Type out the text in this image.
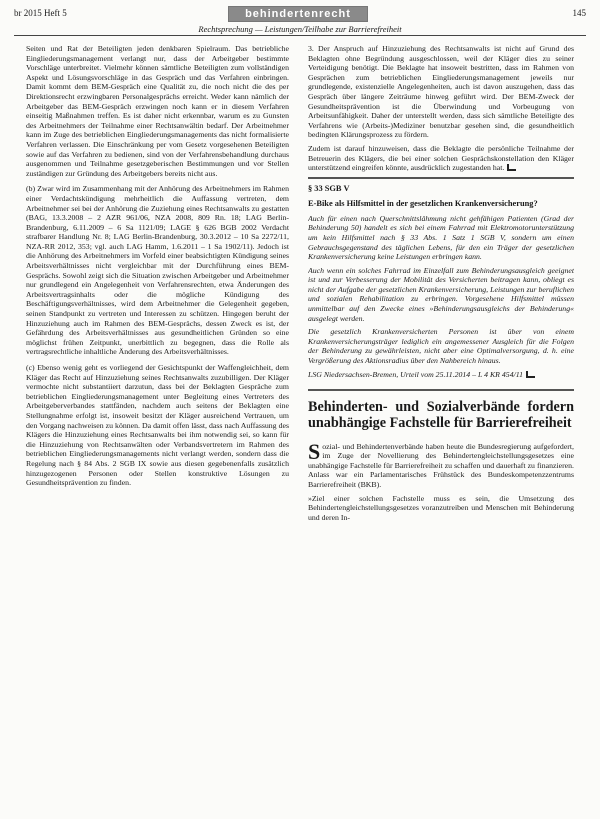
br 2015 Heft 5	behindertenrecht	145
Rechtsprechung — Leistungen/Teilhabe zur Barrierefreiheit

Seiten und Rat der Beteiligten jeden denkbaren Spielraum. Das betriebliche Eingliederungsmanagement verlangt nur, dass der Arbeitgeber bestimmte Vorschläge unterbreitet. Vielmehr können sämtliche Beteiligten zum vollständigen Aspekt und Lösungsvorschläge in das Gespräch und das Verfahren einbringen. Damit kommt dem BEM-Gespräch eine Qualität zu, die noch nicht die des per Direktionsrecht erzwingbaren Personalgesprächs erreicht. Weder kann nämlich der Arbeitgeber das BEM-Gespräch erzwingen noch kann er in diesem Verfahren einseitig Maßnahmen treffen. Es ist daher nicht erkennbar, warum es zu Gunsten des Arbeitnehmers der Teilnahme einer Rechtsanwältin bedarf. Der Arbeitnehmer kann im Zuge des betrieblichen Eingliederungsmanagements das nicht formalisierte Verfahren verlassen. Die Einschränkung per vom Gesetz vorgesehenen Beteiligten sowie auf das Verfahren zu bedienen, sind von der Verfahrensbehandlung durchaus ausgenommen und Teilnahme gesetzgeberischen Bestimmungen und vor Stellen zuständigen zur Gründung des Arbeitgebers bereits nicht aus.

(b) Zwar wird im Zusammenhang mit der Anhörung des Arbeitnehmers im Rahmen einer Verdachtskündigung mehrheitlich die Auffassung vertreten, dem Arbeitnehmer sei bei der Anhörung die Zuziehung eines Rechtsanwalts zu gestatten (BAG, 13.3.2008 – 2 AZR 961/06, NZA 2008, 809 Rn. 18; LAG Berlin-Brandenburg, 6.11.2009 – 6 Sa 1121/09; LAGE § 626 BGB 2002 Verdacht strafbarer Handlung Nr. 8; LAG Berlin-Brandenburg, 30.3.2012 – 10 Sa 2272/11, NZA-RR 2012, 353; vgl. auch LAG Hamm, 1.6.2011 – 1 Sa 1902/11). Jedoch ist die Anhörung des Arbeitnehmers im Vorfeld einer beabsichtigten Kündigung seines Arbeitsverhältnisses nicht vergleichbar mit der Durchführung eines BEM-Gesprächs. Sowohl zeigt sich die Situation zwischen Arbeitgeber und Arbeitnehmer nur grundlegend ein Angelegenheit von Verfahrensrechten, etwa Änderungen des Arbeitsvertragsinhalts oder die mögliche Kündigung des Beschäftigungsverhältnisses, wird dem Arbeitnehmer die Gelegenheit gegeben, seinen Standpunkt zu vertreten und Interessen zu schützen. Hingegen beruht der Hinzuziehung auch im Rahmen des BEM-Gesprächs, dessen Zweck es ist, der Gefährdung des Arbeitsverhältnisses aus gesundheitlichen Gründen so eine möglichst frühen Zeitpunkt, unerbittlich zu begegnen, dass die Rolle als vertragsrechtliche inhaltliche Änderung des Arbeitsverhältnisses.

(c) Ebenso wenig geht es vorliegend der Gesichtspunkt der Waffengleichheit, dem Kläger das Recht auf Hinzuziehung seines Rechtsanwalts zuzubilligen. Der Kläger vermochte nicht substantiiert darzutun, dass bei der Beklagten Gespräche zum betrieblichen Eingliederungsmanagement unter Begleitung eines Vertreters des Arbeitgeberverbandes stattfänden, nachdem auch seitens der Beklagten eine Stellungnahme erfolgt ist, insoweit besitzt der Kläger ausreichend Vertrauen, um den Vorgang nachweisen zu können. Da damit offen lässt, dass nach Auffassung des Klägers die Hinzuziehung eines Rechtsanwalts bei ihm notwendig sei, so kann für die Hinzuziehung von Rechtsanwälten oder Verbandsvertretern im Rahmen des betrieblichen Eingliederungsmanagements nicht verlangt werden, sondern dass die Regelung nach § 84 Abs. 2 SGB IX sowie aus diesen gegebenenfalls zusätzlich hinzugezogenen Personen oder Stellen konstruktive Lösungen zu Gesundheitsprävention zu finden.

3. Der Anspruch auf Hinzuziehung des Rechtsanwalts ist nicht auf Grund des Beklagten ohne Begründung ausgeschlossen, weil der Kläger dies zu seiner Verteidigung benötigt. Die Beklagte hat insoweit bestritten, dass im Rahmen von Gesprächen zum betrieblichen Eingliederungsmanagement jeweils nur grundlegende, existenzielle Angelegenheiten, auch ist davon auszugehen, dass das Gespräch über längere Zeiträume hinweg geführt wird. Der BEM-Zweck der Gesundheitsprävention ist die Überwindung und Vorbeugung von Arbeitsunfähigkeit. Daher der unterstellt werden, dass sich sämtliche Beteiligte des Verfahrens wie (Arbeits-)Mediziner benutzbar gesehen sind, die gesundheitlich bedingten Klärungsprozess zu fördern.

Zudem ist darauf hinzuweisen, dass die Beklagte die persönliche Teilnahme der Betreuerin des Klägers, die bei einer solchen Gesprächskonstellation den Kläger unterstützend eingreifen könnte, ausdrücklich zugestanden hat.

§ 33 SGB V
E-Bike als Hilfsmittel in der gesetzlichen Krankenversicherung?

Auch für einen nach Querschnittslähmung nicht gehfähigen Patienten (Grad der Behinderung 50) handelt es sich bei einem Fahrrad mit Elektromotorunterstützung um kein Hilfsmittel nach § 33 Abs. 1 Satz 1 SGB V, sondern um einen Gebrauchsgegenstand des täglichen Lebens, für den ein Träger der gesetzlichen Krankenversicherung keine Leistungen erbringen kann.

Auch wenn ein solches Fahrrad im Einzelfall zum Behinderungsausgleich geeignet ist und zur Verbesserung der Mobilität des Versicherten beitragen kann, obliegt es nicht der Aufgabe der gesetzlichen Krankenversicherung, Leistungen zur beruflichen und sozialen Rehabilitation zu erbringen. Vorgesehene Hilfsmittel müssen unmittelbar auf den Zwecke eines »Behinderungsausgleichs der Behinderung« ausgelegt werden.

Die gesetzlich Krankenversicherten Personen ist über von einem Krankenversicherungsträger lediglich ein angemessener Ausgleich für die Folgen der Behinderung zu gewährleisten, nicht aber eine Optimalversorgung, d. h. eine Vergrößerung des Aktionsradius über den Nahbereich hinaus.

LSG Niedersachsen-Bremen, Urteil vom 25.11.2014 – L 4 KR 454/11

Behinderten- und Sozialverbände fordern unabhängige Fachstelle für Barrierefreiheit

Sozial- und Behindertenverbände haben heute die Bundesregierung aufgefordert, im Zuge der Novellierung des Behindertengleichstellungsgesetzes eine unabhängige Fachstelle für Barrierefreiheit zu schaffen und dauerhaft zu finanzieren. Anlass war ein Parlamentarisches Frühstück des Bundeskompetenzzentrums Barrierefreiheit (BKB).

»Ziel einer solchen Fachstelle muss es sein, die Umsetzung des Behindertengleichstellungsgesetzes voranzutreiben und Menschen mit Behinderung und deren In-
